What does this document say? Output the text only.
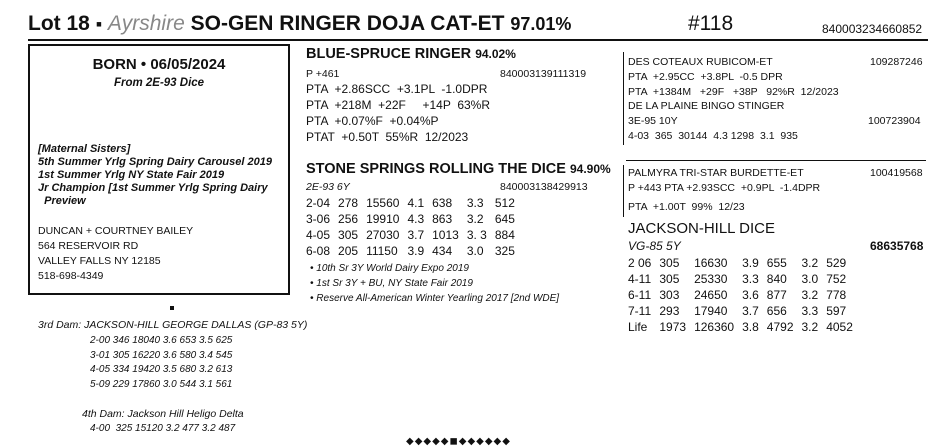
Lot 18 ▪ Ayrshire SO-GEN RINGER DOJA CAT-ET 97.01%	#118	840003234660852
BORN • 06/05/2024
From 2E-93 Dice
[Maternal Sisters]
5th Summer Yrlg Spring Dairy Carousel 2019
1st Summer Yrlg NY State Fair 2019
Jr Champion [1st Summer Yrlg Spring Dairy
Preview
DUNCAN + COURTNEY BAILEY
564 RESERVOIR RD
VALLEY FALLS NY 12185
518-698-4349
BLUE-SPRUCE RINGER 94.02%
P +461	840003139111319
PTA  +2.86SCC  +3.1PL  -1.0DPR
PTA  +218M  +22F     +14P  63%R
PTA  +0.07%F  +0.04%P
PTAT  +0.50T  55%R  12/2023
STONE SPRINGS ROLLING THE DICE 94.90%
2E-93 6Y	840003138429913
2-04	278	15560	4.1	638	3.3	512
3-06	256	19910	4.3	863	3.2	645
4-05	305	27030	3.7	1013	3. 3	884
6-08	205	11150	3.9	434	3.0	325
• 10th Sr 3Y World Dairy Expo 2019
• 1st Sr 3Y + BU, NY State Fair 2019
• Reserve All-American Winter Yearling 2017 [2nd WDE]
DES COTEAUX RUBICOM-ET	109287246
PTA  +2.95CC  +3.8PL  -0.5 DPR
PTA  +1384M   +29F   +38P   92%R  12/2023
DE LA PLAINE BINGO STINGER
3E-95 10Y	100723904
4-03  365  30144  4.3 1298  3.1  935
PALMYRA TRI-STAR BURDETTE-ET	100419568
P +443 PTA +2.93SCC  +0.9PL  -1.4DPR
PTA  +1.00T  99%  12/23
JACKSON-HILL DICE
VG-85 5Y	68635768
2 06	305	16630	3.9	655	3.2	529
4-11	305	25330	3.3	840	3.0	752
6-11	303	24650	3.6	877	3.2	778
7-11	293	17940	3.7	656	3.3	597
Life	1973	126360	3.8	4792	3.2	4052
3rd Dam: JACKSON-HILL GEORGE DALLAS (GP-83 5Y)
2-00 346 18040 3.6 653 3.5 625
3-01 305 16220 3.6 580 3.4 545
4-05 334 19420 3.5 680 3.2 613
5-09 229 17860 3.0 544 3.1 561
4th Dam: Jackson Hill Heligo Delta
4-00  325 15120 3.2 477 3.2 487
◆◆◆◆◆◼◆◆◆◆◆◆
